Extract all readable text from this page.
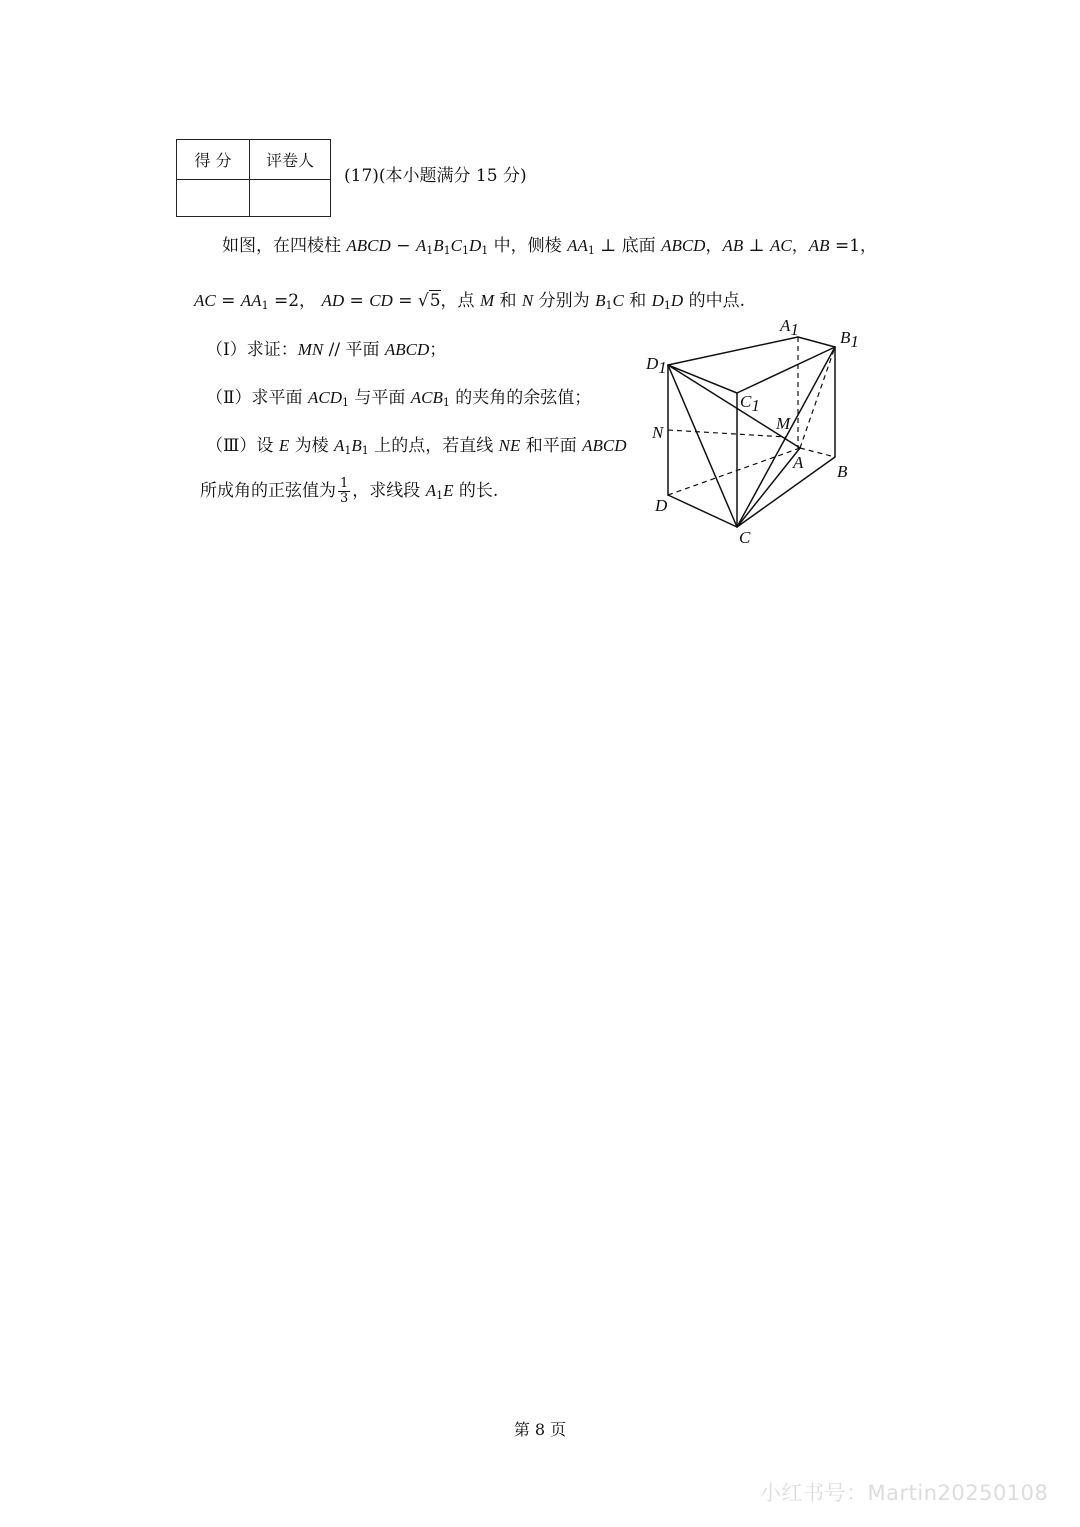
得 分	评卷人

(17)(本小题满分 15 分)
如图，在四棱柱 ABCD − $A_1B_1C_1D_1$ 中，侧棱 $AA_1$ ⊥ 底面 ABCD，AB ⊥ AC，AB =1，
AC = $AA_1 =2$， AD = CD = √5，点 M 和 N 分别为 $B_1C$ 和 $D_1D$ 的中点.
（Ⅰ）求证：MN // 平面 ABCD；
（Ⅱ）求平面 $ACD_1$ 与平面 $ACB_1$ 的夹角的余弦值；
（Ⅲ）设 E 为棱 $A_1B_1$ 上的点，若直线 NE 和平面 ABCD
所成角的正弦值为 $\frac{1}{3}$ ，求线段 $A_1E$ 的长.
A1 B1
D1
C1
M
N
A B
D
C
第 8 页
小红书号：Martin20250108
